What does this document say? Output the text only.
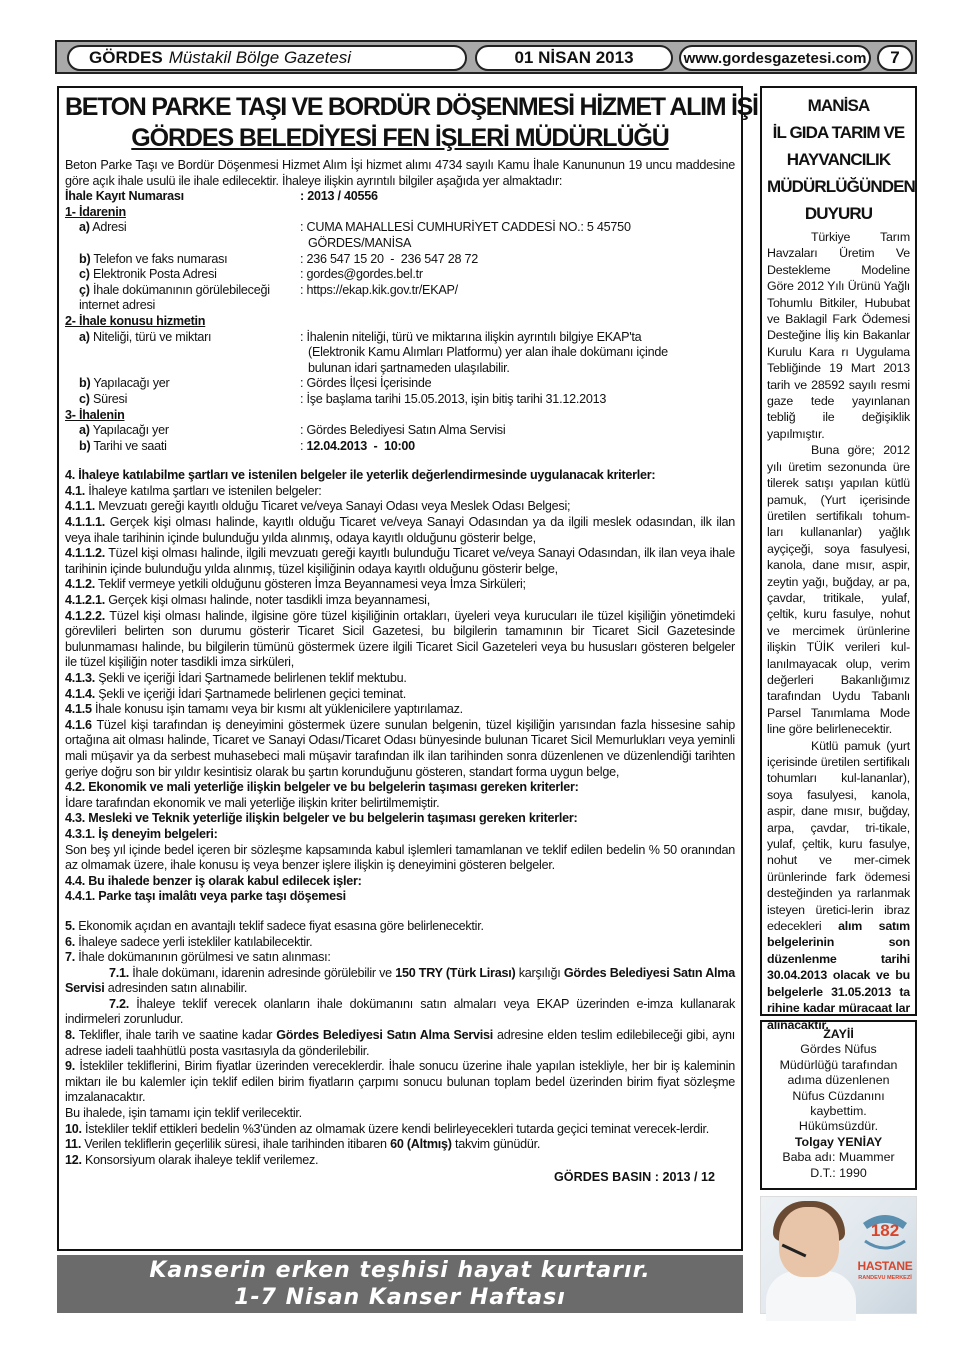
GÖRDES Müstakil Bölge Gazetesi	01 NİSAN 2013	www.gordesgazetesi.com	7
BETON PARKE TAŞI VE BORDÜR DÖŞENMESİ HİZMET ALIM İŞİ
GÖRDES BELEDİYESİ FEN İŞLERİ MÜDÜRLÜĞÜ
Beton Parke Taşı ve Bordür Döşenmesi Hizmet Alım İşi hizmet alımı 4734 sayılı Kamu İhale Kanununun 19 uncu maddesine göre açık ihale usulü ile ihale edilecektir. İhaleye ilişkin ayrıntılı bilgiler aşağıda yer almaktadır:
İhale Kayıt Numarası	: 2013 / 40556
1- İdarenin
a) Adresi	: CUMA MAHALLESİ CUMHURİYET CADDESİ NO.: 5 45750 GÖRDES/MANİSA
b) Telefon ve faks numarası	: 236 547 15 20  -  236 547 28 72
c) Elektronik Posta Adresi	: gordes@gordes.bel.tr
ç) İhale dokümanının görülebileceği internet adresi
: https://ekap.kik.gov.tr/EKAP/
2- İhale konusu hizmetin
a) Niteliği, türü ve miktarı	: İhalenin niteliği, türü ve miktarına ilişkin ayrıntılı bilgiye EKAP'ta (Elektronik Kamu Alımları Platformu) yer alan ihale dokümanı içinde bulunan idari şartnameden ulaşılabilir.
b) Yapılacağı yer	: Gördes İlçesi İçerisinde
c) Süresi	: İşe başlama tarihi 15.05.2013, işin bitiş tarihi 31.12.2013
3- İhalenin
a) Yapılacağı yer	: Gördes Belediyesi Satın Alma Servisi
b) Tarihi ve saati	: 12.04.2013  -  10:00
4. İhaleye katılabilme şartları ve istenilen belgeler ile yeterlik değerlendirmesinde uygulanacak kriterler:
4.1. İhaleye katılma şartları ve istenilen belgeler:
4.1.1. Mevzuatı gereği kayıtlı olduğu Ticaret ve/veya Sanayi Odası veya Meslek Odası Belgesi;
4.1.1.1. Gerçek kişi olması halinde, kayıtlı olduğu Ticaret ve/veya Sanayi Odasından ya da ilgili meslek odasından, ilk ilan veya ihale tarihinin içinde bulunduğu yılda alınmış, odaya kayıtlı olduğunu gösterir belge,
4.1.1.2. Tüzel kişi olması halinde, ilgili mevzuatı gereği kayıtlı bulunduğu Ticaret ve/veya Sanayi Odasından, ilk ilan veya ihale tarihinin içinde bulunduğu yılda alınmış, tüzel kişiliğinin odaya kayıtlı olduğunu gösterir belge,
4.1.2. Teklif vermeye yetkili olduğunu gösteren İmza Beyannamesi veya İmza Sirküleri;
4.1.2.1. Gerçek kişi olması halinde, noter tasdikli imza beyannamesi,
4.1.2.2. Tüzel kişi olması halinde, ilgisine göre tüzel kişiliğinin ortakları, üyeleri veya kurucuları ile tüzel kişiliğin yönetimdeki görevlileri belirten son durumu gösterir Ticaret Sicil Gazetesi, bu bilgilerin tamamının bir Ticaret Sicil Gazetesinde bulunmaması halinde, bu bilgilerin tümünü göstermek üzere ilgili Ticaret Sicil Gazeteleri veya bu hususları gösteren belgeler ile tüzel kişiliğin noter tasdikli imza sirküleri,
4.1.3. Şekli ve içeriği İdari Şartnamede belirlenen teklif mektubu.
4.1.4. Şekli ve içeriği İdari Şartnamede belirlenen geçici teminat.
4.1.5 İhale konusu işin tamamı veya bir kısmı alt yüklenicilere yaptırılamaz.
4.1.6 Tüzel kişi tarafından iş deneyimini göstermek üzere sunulan belgenin, tüzel kişiliğin yarısından fazla hissesine sahip ortağına ait olması halinde, Ticaret ve Sanayi Odası/Ticaret Odası bünyesinde bulunan Ticaret Sicil Memurlukları veya yeminli mali müşavir ya da serbest muhasebeci mali müşavir tarafından ilk ilan tarihinden sonra düzenlenen ve düzenlendiği tarihten geriye doğru son bir yıldır kesintisiz olarak bu şartın korunduğunu gösteren, standart forma uygun belge,
4.2. Ekonomik ve mali yeterliğe ilişkin belgeler ve bu belgelerin taşıması gereken kriterler:
İdare tarafından ekonomik ve mali yeterliğe ilişkin kriter belirtilmemiştir.
4.3. Mesleki ve Teknik yeterliğe ilişkin belgeler ve bu belgelerin taşıması gereken kriterler:
4.3.1. İş deneyim belgeleri:
Son beş yıl içinde bedel içeren bir sözleşme kapsamında kabul işlemleri tamamlanan ve teklif edilen bedelin % 50 oranından az olmamak üzere, ihale konusu iş veya benzer işlere ilişkin iş deneyimini gösteren belgeler.
4.4. Bu ihalede benzer iş olarak kabul edilecek işler:
4.4.1. Parke taşı imalâtı veya parke taşı döşemesi
5. Ekonomik açıdan en avantajlı teklif sadece fiyat esasına göre belirlenecektir.
6. İhaleye sadece yerli istekliler katılabilecektir.
7. İhale dokümanının görülmesi ve satın alınması:
7.1. İhale dokümanı, idarenin adresinde görülebilir ve 150 TRY (Türk Lirası) karşılığı Gördes Belediyesi Satın Alma Servisi adresinden satın alınabilir.
7.2. İhaleye teklif verecek olanların ihale dokümanını satın almaları veya EKAP üzerinden e-imza kullanarak indirmeleri zorunludur.
8. Teklifler, ihale tarih ve saatine kadar Gördes Belediyesi Satın Alma Servisi adresine elden teslim edilebileceği gibi, aynı adrese iadeli taahhütlü posta vasıtasıyla da gönderilebilir.
9. İstekliler tekliflerini, Birim fiyatlar üzerinden vereceklerdir. İhale sonucu üzerine ihale yapılan istekliyle, her bir iş kaleminin miktarı ile bu kalemler için teklif edilen birim fiyatların çarpımı sonucu bulunan toplam bedel üzerinden birim fiyat sözleşme imzalanacaktır.
Bu ihalede, işin tamamı için teklif verilecektir.
10. İstekliler teklif ettikleri bedelin %3'ünden az olmamak üzere kendi belirleyecekleri tutarda geçici teminat verecek-lerdir.
11. Verilen tekliflerin geçerlilik süresi, ihale tarihinden itibaren 60 (Altmış) takvim günüdür.
12. Konsorsiyum olarak ihaleye teklif verilemez.
GÖRDES BASIN : 2013 / 12
Kanserin erken teşhisi hayat kurtarır.
1-7 Nisan Kanser Haftası
MANİSA
İL GIDA TARIM VE
HAYVANCILIK
MÜDÜRLÜĞÜNDEN
DUYURU

Türkiye Tarım Havzaları Üretim Ve Destekleme Modeline Göre 2012 Yılı Ürünü Yağlı Tohumlu Bitkiler, Hububat ve Baklagil Fark Ödemesi Desteğine İliş kin Bakanlar Kurulu Kara rı Uygulama Tebliğinde 19 Mart 2013 tarih ve 28592 sayılı resmi gaze tede yayınlanan tebliğ ile değişiklik yapılmıştır.

Buna göre; 2012 yılı üretim sezonunda üre tilerek satışı yapılan kütlü pamuk, (Yurt içerisinde üretilen sertifikalı tohum-ları kullananlar) yağlık ayçiçeği, soya fasulyesi, kanola, dane mısır, aspir, zeytin yağı, buğday, ar pa, çavdar, tritikale, yulaf, çeltik, kuru fasulye, nohut ve mercimek ürünlerine ilişkin TÜİK verileri kul-lanılmayacak olup, verim değerleri Bakanlığımız tarafından Uydu Tabanlı Parsel Tanımlama Mode line göre belirlenecektir.

Kütlü pamuk (yurt içerisinde üretilen sertifikalı tohumları kul-lananlar), soya fasulyesi, kanola, aspir, dane mısır, buğday, arpa, çavdar, tri-tikale, yulaf, çeltik, kuru fasulye, nohut ve mer-cimek ürünlerinde fark ödemesi desteğinden ya rarlanmak isteyen üretici-lerin ibraz edecekleri alım satım belgelerinin son düzenlenme tarihi 30.04.2013 olacak ve bu belgelerle 31.05.2013 ta rihine kadar müracaat lar alınacaktır.

ZAYİİ
Gördes Nüfus
Müdürlüğü tarafından
adıma düzenlenen
Nüfus Cüzdanını
kaybettim.
Hükümsüzdür.
Tolgay YENİAY
Baba adı: Muammer
D.T.: 1990
182
HASTANE
RANDEVU MERKEZİ
